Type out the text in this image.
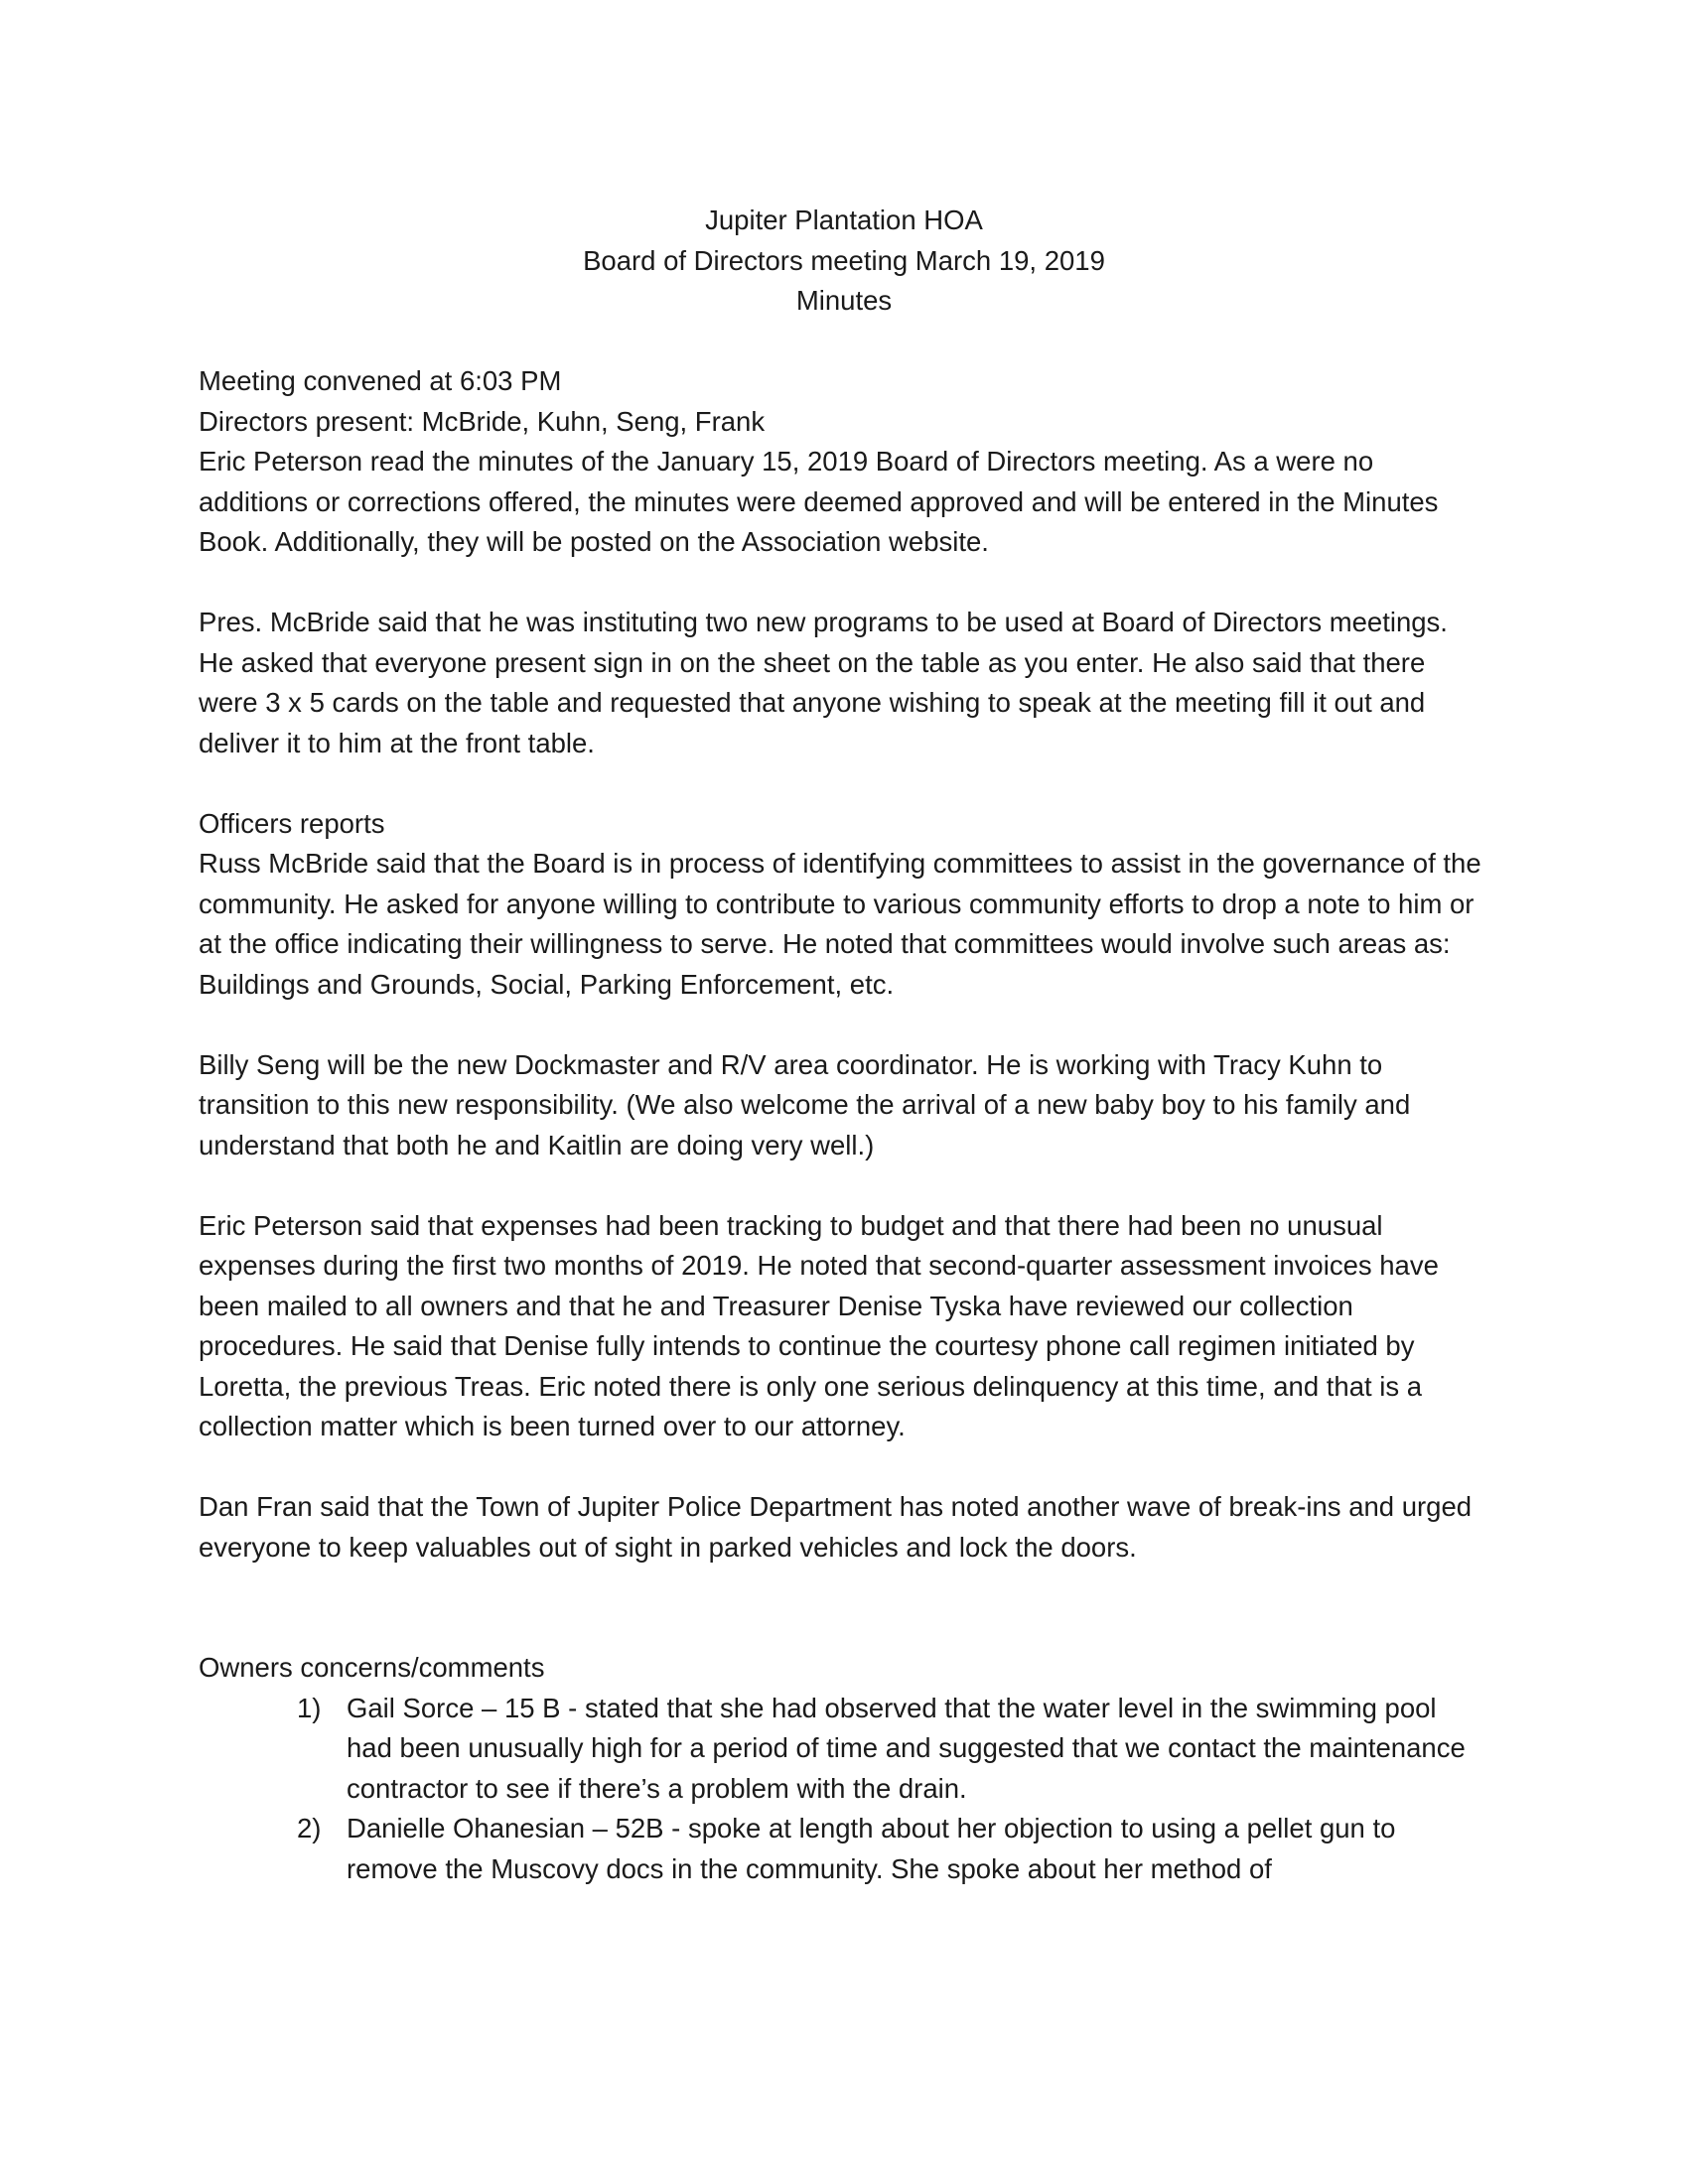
Jupiter Plantation HOA
Board of Directors meeting March 19, 2019
Minutes

Meeting convened at 6:03 PM

Directors present: McBride, Kuhn, Seng, Frank

Eric Peterson read the minutes of the January 15, 2019 Board of Directors meeting. As a were no additions or corrections offered, the minutes were deemed approved and will be entered in the Minutes Book. Additionally, they will be posted on the Association website.

Pres. McBride said that he was instituting two new programs to be used at Board of Directors meetings. He asked that everyone present sign in on the sheet on the table as you enter. He also said that there were 3 x 5 cards on the table and requested that anyone wishing to speak at the meeting fill it out and deliver it to him at the front table.

Officers reports

Russ McBride said that the Board is in process of identifying committees to assist in the governance of the community. He asked for anyone willing to contribute to various community efforts to drop a note to him or at the office indicating their willingness to serve. He noted that committees would involve such areas as: Buildings and Grounds, Social, Parking Enforcement, etc.

Billy Seng will be the new Dockmaster and R/V area coordinator. He is working with Tracy Kuhn to transition to this new responsibility. (We also welcome the arrival of a new baby boy to his family and understand that both he and Kaitlin are doing very well.)

Eric Peterson said that expenses had been tracking to budget and that there had been no unusual expenses during the first two months of 2019. He noted that second-quarter assessment invoices have been mailed to all owners and that he and Treasurer Denise Tyska have reviewed our collection procedures. He said that Denise fully intends to continue the courtesy phone call regimen initiated by Loretta, the previous Treas. Eric noted there is only one serious delinquency at this time, and that is a collection matter which is been turned over to our attorney.

Dan Fran said that the Town of Jupiter Police Department has noted another wave of break-ins and urged everyone to keep valuables out of sight in parked vehicles and lock the doors.

Owners concerns/comments

1) Gail Sorce – 15 B - stated that she had observed that the water level in the swimming pool had been unusually high for a period of time and suggested that we contact the maintenance contractor to see if there’s a problem with the drain.
2) Danielle Ohanesian – 52B - spoke at length about her objection to using a pellet gun to remove the Muscovy docs in the community. She spoke about her method of
